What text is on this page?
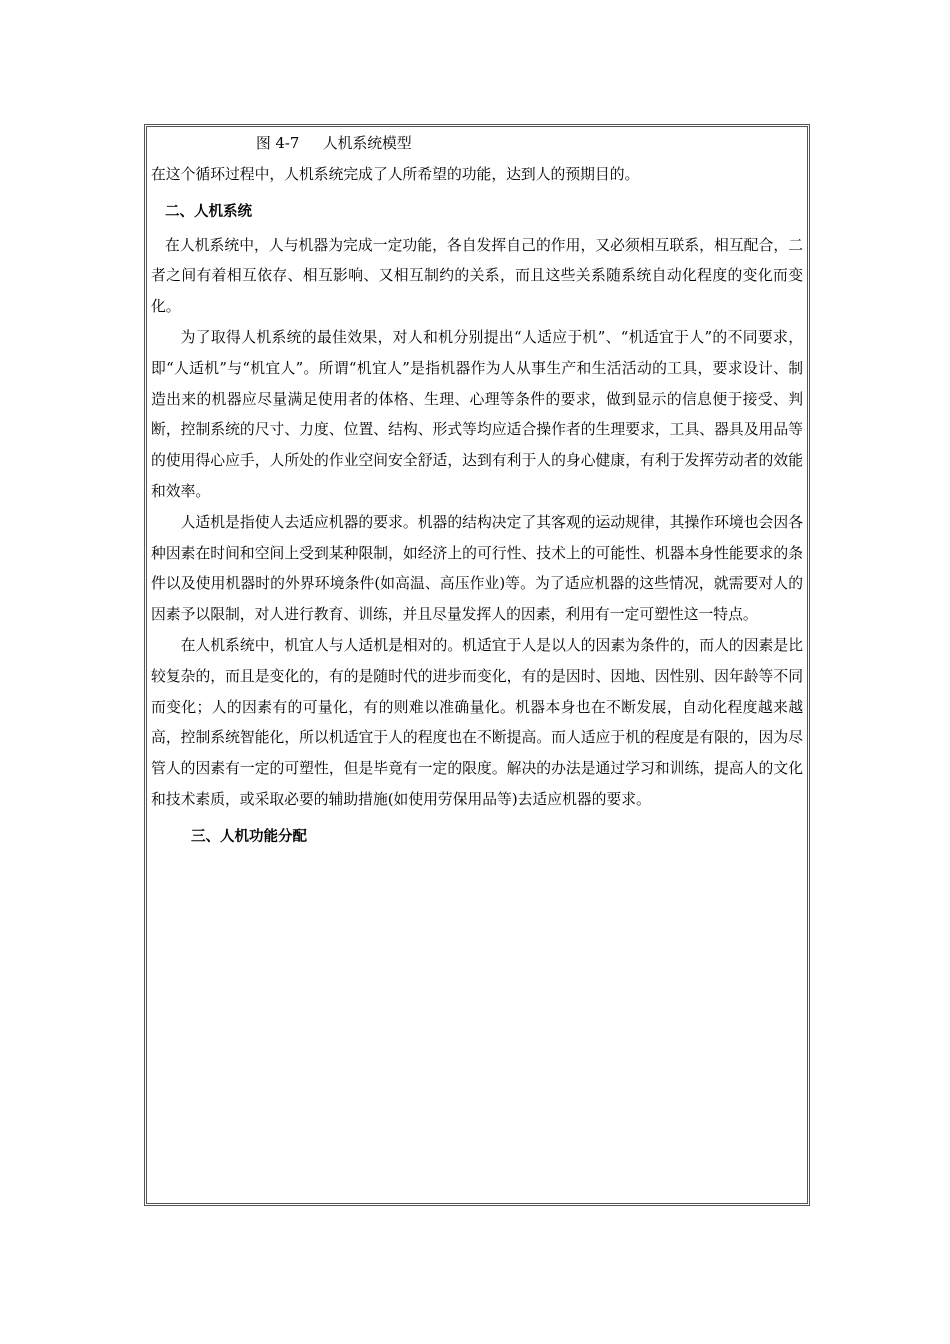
图 4-7     人机系统模型

在这个循环过程中，人机系统完成了人所希望的功能，达到人的预期目的。

二、人机系统

在人机系统中，人与机器为完成一定功能，各自发挥自己的作用，又必须相互联系，相互配合，二者之间有着相互依存、相互影响、又相互制约的关系，而且这些关系随系统自动化程度的变化而变化。

为了取得人机系统的最佳效果，对人和机分别提出“人适应于机”、“机适宜于人”的不同要求，即“人适机”与“机宜人”。所谓“机宜人”是指机器作为人从事生产和生活活动的工具，要求设计、制造出来的机器应尽量满足使用者的体格、生理、心理等条件的要求，做到显示的信息便于接受、判断，控制系统的尺寸、力度、位置、结构、形式等均应适合操作者的生理要求，工具、器具及用品等的使用得心应手，人所处的作业空间安全舒适，达到有利于人的身心健康，有利于发挥劳动者的效能和效率。

人适机是指使人去适应机器的要求。机器的结构决定了其客观的运动规律，其操作环境也会因各种因素在时间和空间上受到某种限制，如经济上的可行性、技术上的可能性、机器本身性能要求的条件以及使用机器时的外界环境条件(如高温、高压作业)等。为了适应机器的这些情况，就需要对人的因素予以限制，对人进行教育、训练，并且尽量发挥人的因素，利用有一定可塑性这一特点。

在人机系统中，机宜人与人适机是相对的。机适宜于人是以人的因素为条件的，而人的因素是比较复杂的，而且是变化的，有的是随时代的进步而变化，有的是因时、因地、因性别、因年龄等不同而变化；人的因素有的可量化，有的则难以准确量化。机器本身也在不断发展，自动化程度越来越高，控制系统智能化，所以机适宜于人的程度也在不断提高。而人适应于机的程度是有限的，因为尽管人的因素有一定的可塑性，但是毕竟有一定的限度。解决的办法是通过学习和训练，提高人的文化和技术素质，或采取必要的辅助措施(如使用劳保用品等)去适应机器的要求。

三、人机功能分配
